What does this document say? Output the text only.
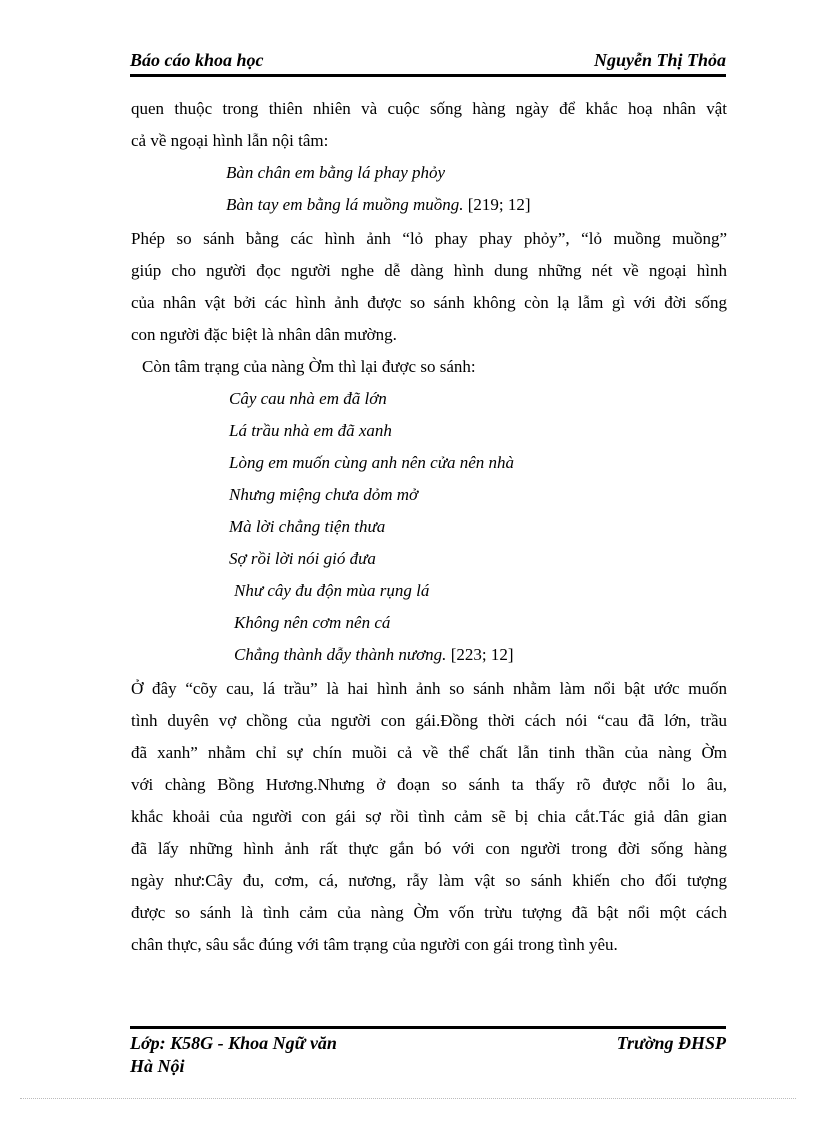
Báo cáo khoa học	Nguyễn Thị Thỏa
quen thuộc trong thiên nhiên và cuộc sống hàng ngày để khắc hoạ nhân vật
cả về ngoại hình lẫn nội tâm:
Bàn chân em bằng lá phay phỏy
Bàn tay em bằng lá muồng muồng. [219; 12]
Phép so sánh bằng các hình ảnh “lỏ phay phay phỏy”, “lỏ muồng muồng”
giúp cho người đọc người nghe dễ dàng hình dung những nét về ngoại hình
của nhân vật bởi các hình ảnh được so sánh không còn lạ lẫm gì với đời sống
con người đặc biệt là nhân dân mường.
Còn tâm trạng của nàng Ờm thì lại được so sánh:
Cây cau nhà em đã lớn
Lá trầu nhà em đã xanh
Lòng em muốn cùng anh nên cửa nên nhà
Nhưng miệng chưa dỏm mở
Mà lời chẳng tiện thưa
Sợ rồi lời nói gió đưa
Như cây đu độn mùa rụng lá
Không nên cơm nên cá
Chẳng thành dẫy thành nương. [223; 12]
Ở đây “cõy cau, lá trầu” là hai hình ảnh so sánh nhằm làm nổi bật ước muốn
tình duyên vợ chồng của người con gái.Đồng thời cách nói “cau đã lớn, trầu
đã xanh” nhằm chỉ sự chín muồi cả về thể chất lẫn tinh thần của nàng Ờm
với chàng Bồng Hương.Nhưng ở đoạn so sánh ta thấy rõ được nỗi lo âu,
khắc khoải của người con gái sợ rồi tình cảm sẽ bị chia cắt.Tác giả dân gian
đã lấy những hình ảnh rất thực gắn bó với con người trong đời sống hàng
ngày như:Cây đu, cơm, cá, nương, rẫy làm vật so sánh khiến cho đối tượng
được so sánh là tình cảm của nàng Ờm vốn trừu tượng đã bật nổi một cách
chân thực, sâu sắc đúng với tâm trạng của người con gái trong tình yêu.
Lớp: K58G - Khoa Ngữ văn	Trường ĐHSP
Hà Nội
